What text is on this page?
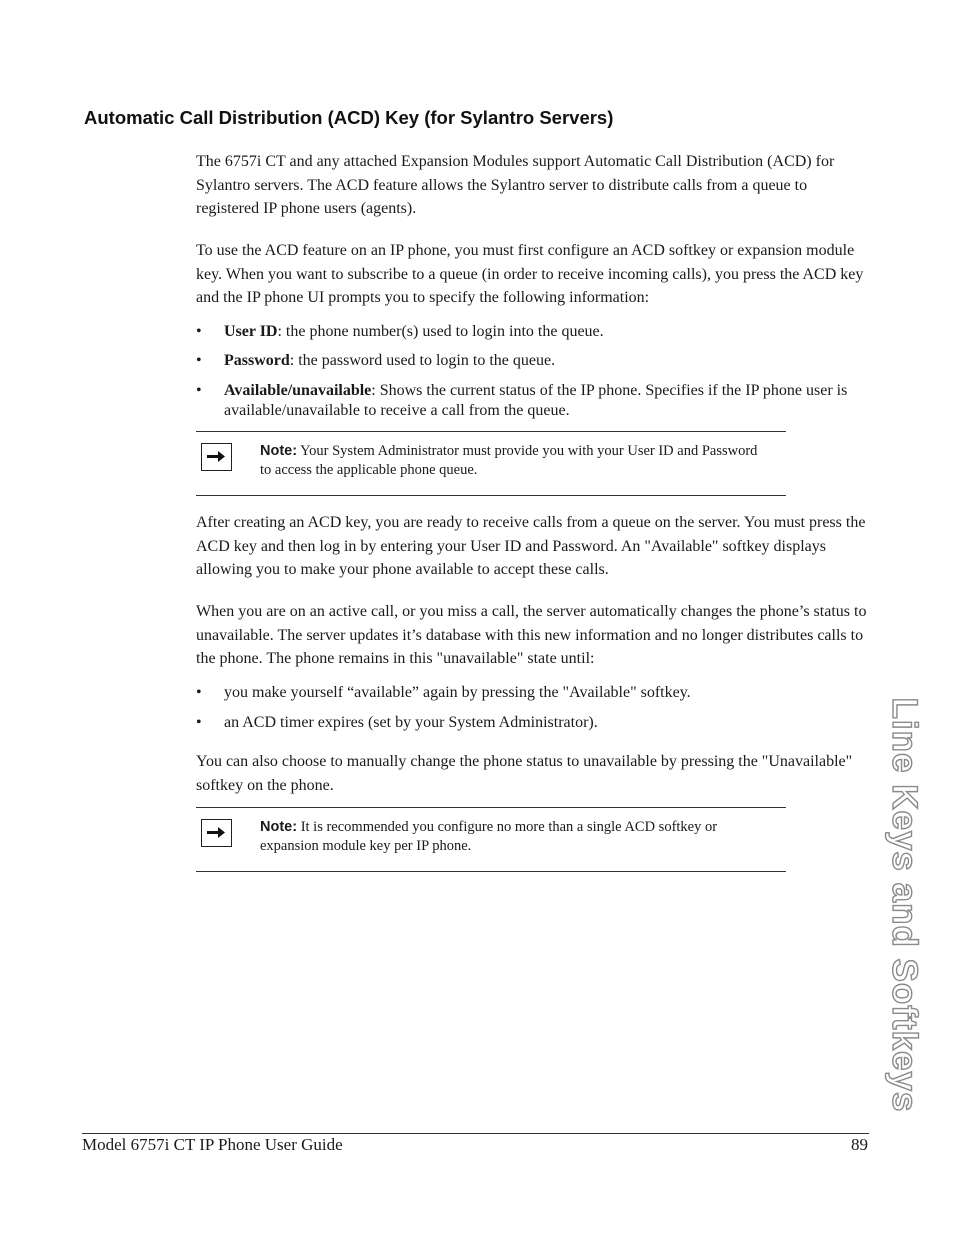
Automatic Call Distribution (ACD) Key (for Sylantro Servers)

The 6757i CT and any attached Expansion Modules support Automatic Call Distribution (ACD) for Sylantro servers. The ACD feature allows the Sylantro server to distribute calls from a queue to registered IP phone users (agents).

To use the ACD feature on an IP phone, you must first configure an ACD softkey or expansion module key. When you want to subscribe to a queue (in order to receive incoming calls), you press the ACD key and the IP phone UI prompts you to specify the following information:

•	User ID: the phone number(s) used to login into the queue.
•	Password: the password used to login to the queue.
•	Available/unavailable: Shows the current status of the IP phone. Specifies if the IP phone user is available/unavailable to receive a call from the queue.
Note: Your System Administrator must provide you with your User ID and Password to access the applicable phone queue.

After creating an ACD key, you are ready to receive calls from a queue on the server. You must press the ACD key and then log in by entering your User ID and Password. An "Available" softkey displays allowing you to make your phone available to accept these calls.

When you are on an active call, or you miss a call, the server automatically changes the phone’s status to unavailable. The server updates it’s database with this new information and no longer distributes calls to the phone. The phone remains in this "unavailable" state until:

•	you make yourself “available” again by pressing the "Available" softkey.
•	an ACD timer expires (set by your System Administrator).

You can also choose to manually change the phone status to unavailable by pressing the "Unavailable" softkey on the phone.

Note: It is recommended you configure no more than a single ACD softkey or expansion module key per IP phone.	Line Keys and Softkeys
Model 6757i CT IP Phone User Guide	89
